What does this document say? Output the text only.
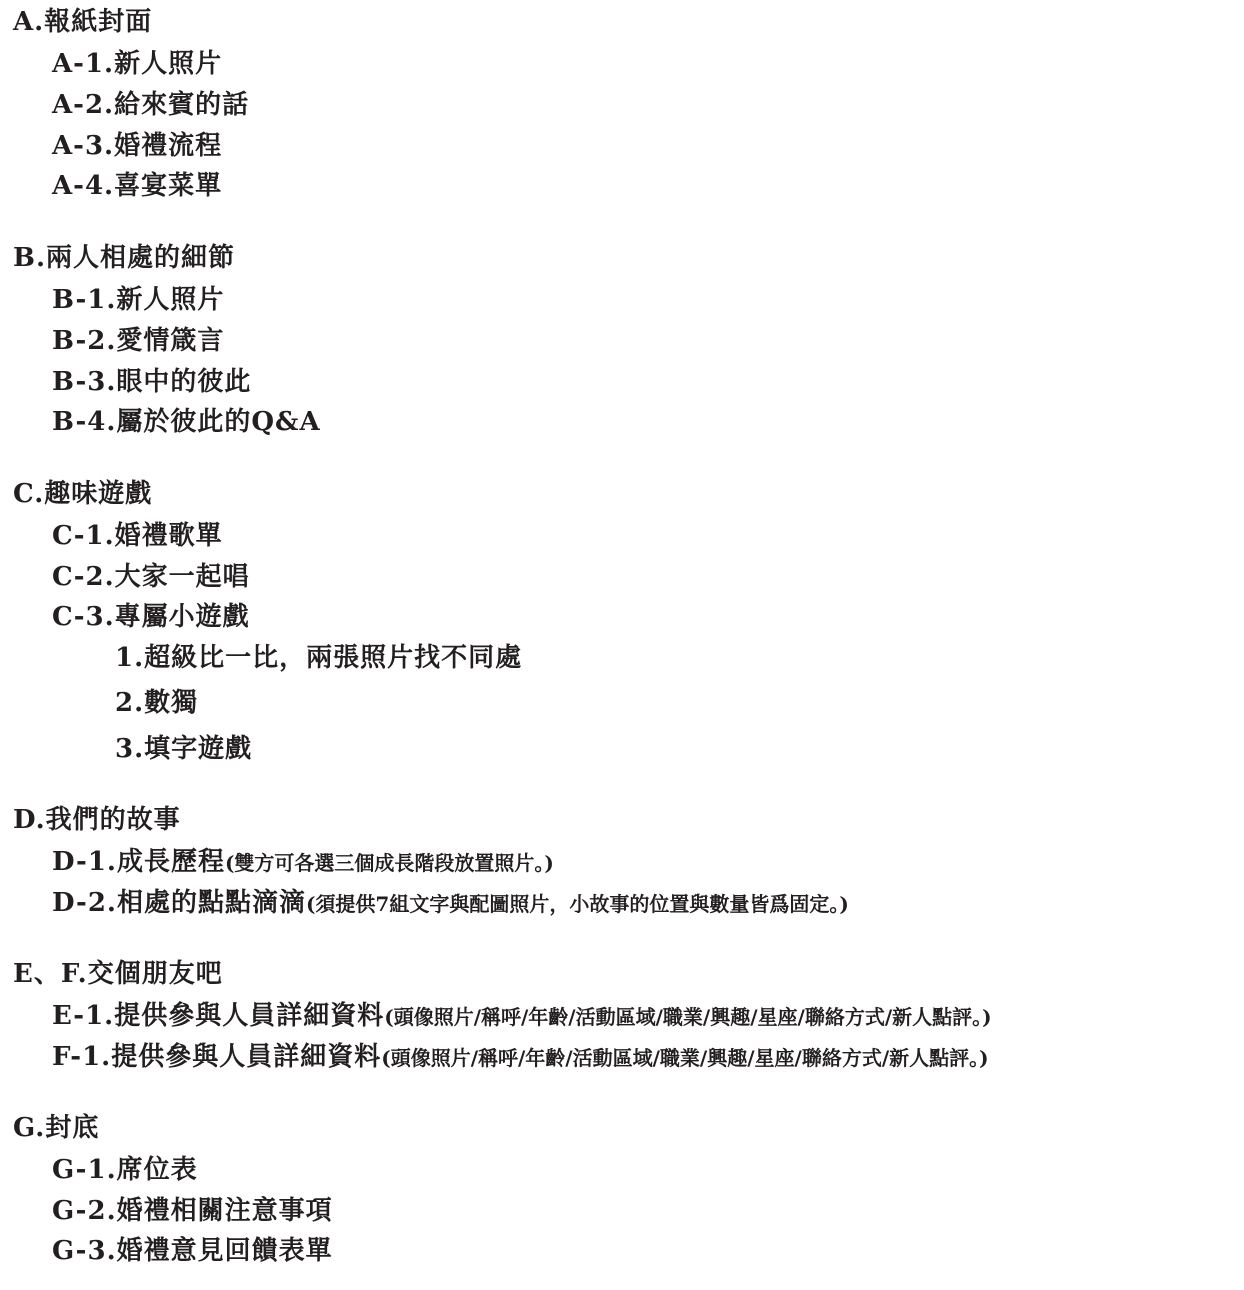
A.報紙封面
A-1.新人照片
A-2.給來賓的話
A-3.婚禮流程
A-4.喜宴菜單
B.兩人相處的細節
B-1.新人照片
B-2.愛情箴言
B-3.眼中的彼此
B-4.屬於彼此的Q&A
C.趣味遊戲
C-1.婚禮歌單
C-2.大家一起唱
C-3.專屬小遊戲
1.超級比一比，兩張照片找不同處
2.數獨
3.填字遊戲
D.我們的故事
D-1.成長歷程(雙方可各選三個成長階段放置照片。)
D-2.相處的點點滴滴(須提供7組文字與配圖照片，小故事的位置與數量皆爲固定。)
E、F.交個朋友吧
E-1.提供參與人員詳細資料(頭像照片/稱呼/年齡/活動區域/職業/興趣/星座/聯絡方式/新人點評。)
F-1.提供參與人員詳細資料(頭像照片/稱呼/年齡/活動區域/職業/興趣/星座/聯絡方式/新人點評。)
G.封底
G-1.席位表
G-2.婚禮相關注意事項
G-3.婚禮意見回饋表單
